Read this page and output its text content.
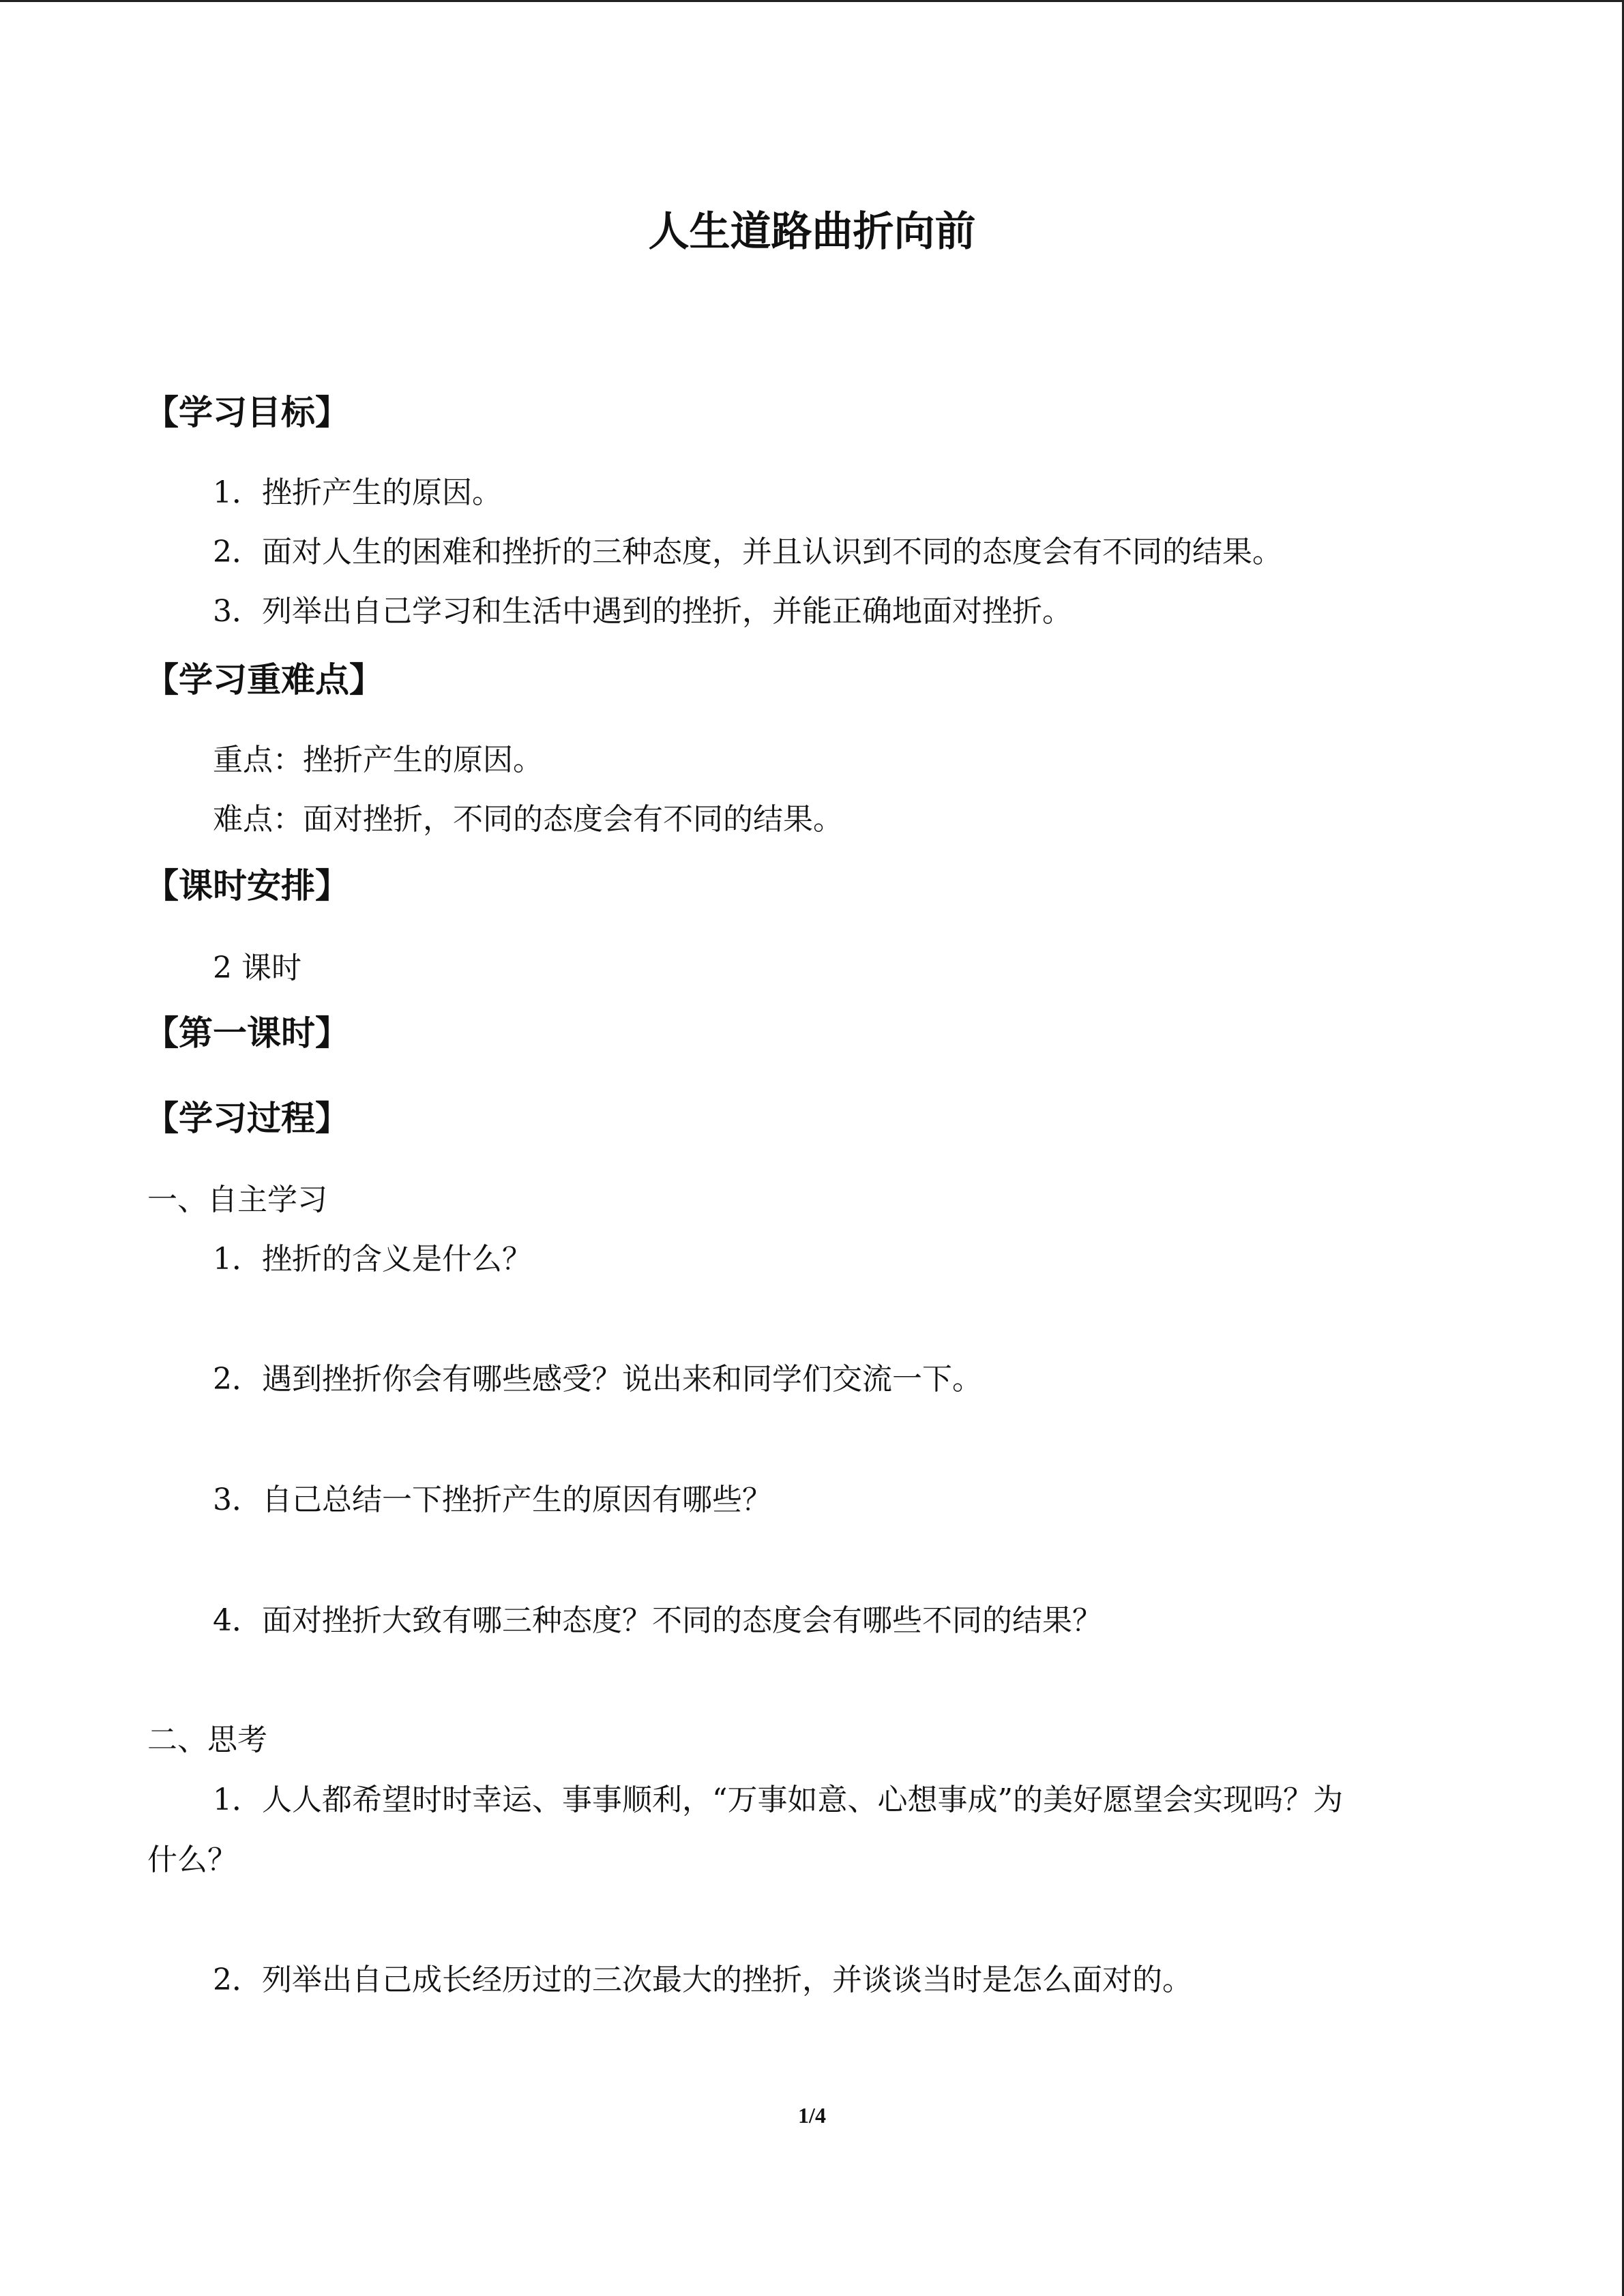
人生道路曲折向前
【学习目标】
1．挫折产生的原因。
2．面对人生的困难和挫折的三种态度，并且认识到不同的态度会有不同的结果。
3．列举出自己学习和生活中遇到的挫折，并能正确地面对挫折。
【学习重难点】
重点：挫折产生的原因。
难点：面对挫折，不同的态度会有不同的结果。
【课时安排】
2 课时
【第一课时】
【学习过程】
一、自主学习
1．挫折的含义是什么？
2．遇到挫折你会有哪些感受？说出来和同学们交流一下。
3．自己总结一下挫折产生的原因有哪些？
4．面对挫折大致有哪三种态度？不同的态度会有哪些不同的结果？
二、思考
1．人人都希望时时幸运、事事顺利，“万事如意、心想事成”的美好愿望会实现吗？为
什么？
2．列举出自己成长经历过的三次最大的挫折，并谈谈当时是怎么面对的。
1/4
